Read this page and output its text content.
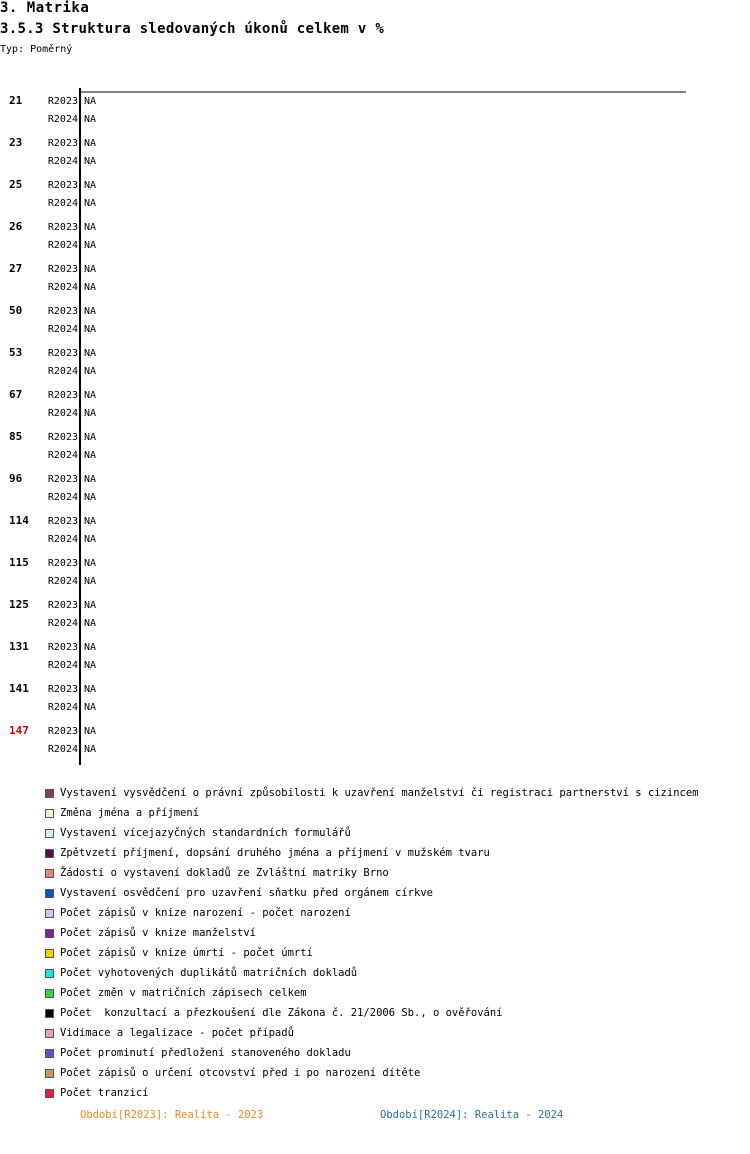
3. Matrika
3.5.3 Struktura sledovaných úkonů celkem v %
Typ: Poměrný
21	R2023 NA
R2024 NA
23	R2023 NA
R2024 NA
25	R2023 NA
R2024 NA
26	R2023 NA
R2024 NA
27	R2023 NA
R2024 NA
50	R2023 NA
R2024 NA
53	R2023 NA
R2024 NA
67	R2023 NA
R2024 NA
85	R2023 NA
R2024 NA
96	R2023 NA
R2024 NA
114 R2023 NA
R2024 NA
115 R2023 NA
R2024 NA
125 R2023 NA
R2024 NA
131 R2023 NA
R2024 NA
141 R2023 NA
R2024 NA
147 R2023 NA
R2024 NA
Vystavení vysvědčení o právní způsobilosti k uzavření manželství či registraci partnerství s cizincem
Změna jména a příjmení
Vystavení vícejazyčných standardních formulářů
Zpětvzetí příjmení, dopsání druhého jména a příjmení v mužském tvaru
Žádosti o vystavení dokladů ze Zvláštní matriky Brno
Vystavení osvědčení pro uzavření sňatku před orgánem církve
Počet zápisů v knize narození - počet narození
Počet zápisů v knize manželství
Počet zápisů v knize úmrtí - počet úmrtí
Počet vyhotovených duplikátů matričních dokladů
Počet změn v matričních zápisech celkem
Počet  konzultací a přezkoušení dle Zákona č. 21/2006 Sb., o ověřování
Vidimace a legalizace - počet případů
Počet prominutí předložení stanoveného dokladu
Počet zápisů o určení otcovství před i po narození dítěte
Počet tranzicí
Období[R2023]: Realita - 2023	Období[R2024]: Realita - 2024
